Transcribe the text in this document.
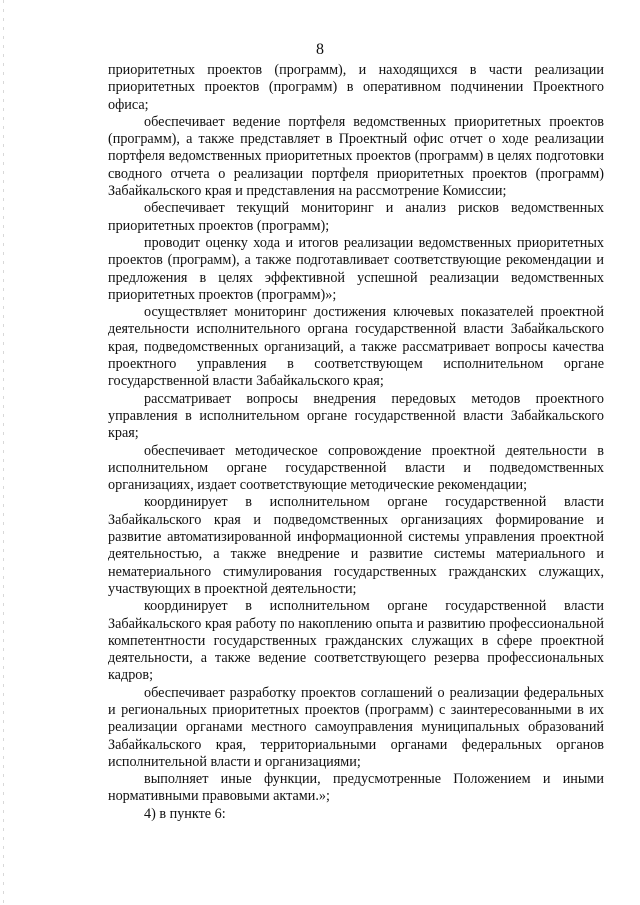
8

приоритетных проектов (программ), и находящихся в части реализации приоритетных проектов (программ) в оперативном подчинении Проектного офиса;

обеспечивает ведение портфеля ведомственных приоритетных проектов (программ), а также представляет в Проектный офис отчет о ходе реализации портфеля ведомственных приоритетных проектов (программ) в целях подготовки сводного отчета о реализации портфеля приоритетных проектов (программ) Забайкальского края и представления на рассмотрение Комиссии;

обеспечивает текущий мониторинг и анализ рисков ведомственных приоритетных проектов (программ);

проводит оценку хода и итогов реализации ведомственных приоритетных проектов (программ), а также подготавливает соответствующие рекомендации и предложения в целях эффективной успешной реализации ведомственных приоритетных проектов (программ)»;

осуществляет мониторинг достижения ключевых показателей проектной деятельности исполнительного органа государственной власти Забайкальского края, подведомственных организаций, а также рассматривает вопросы качества проектного управления в соответствующем исполнительном органе государственной власти Забайкальского края;

рассматривает вопросы внедрения передовых методов проектного управления в исполнительном органе государственной власти Забайкальского края;

обеспечивает методическое сопровождение проектной деятельности в исполнительном органе государственной власти и подведомственных организациях, издает соответствующие методические рекомендации;

координирует в исполнительном органе государственной власти Забайкальского края и подведомственных организациях формирование и развитие автоматизированной информационной системы управления проектной деятельностью, а также внедрение и развитие системы материального и нематериального стимулирования государственных гражданских служащих, участвующих в проектной деятельности;

координирует в исполнительном органе государственной власти Забайкальского края работу по накоплению опыта и развитию профессиональной компетентности государственных гражданских служащих в сфере проектной деятельности, а также ведение соответствующего резерва профессиональных кадров;

обеспечивает разработку проектов соглашений о реализации федеральных и региональных приоритетных проектов (программ) с заинтересованными в их реализации органами местного самоуправления муниципальных образований Забайкальского края, территориальными органами федеральных органов исполнительной власти и организациями;

выполняет иные функции, предусмотренные Положением и иными нормативными правовыми актами.»;

4) в пункте 6:
